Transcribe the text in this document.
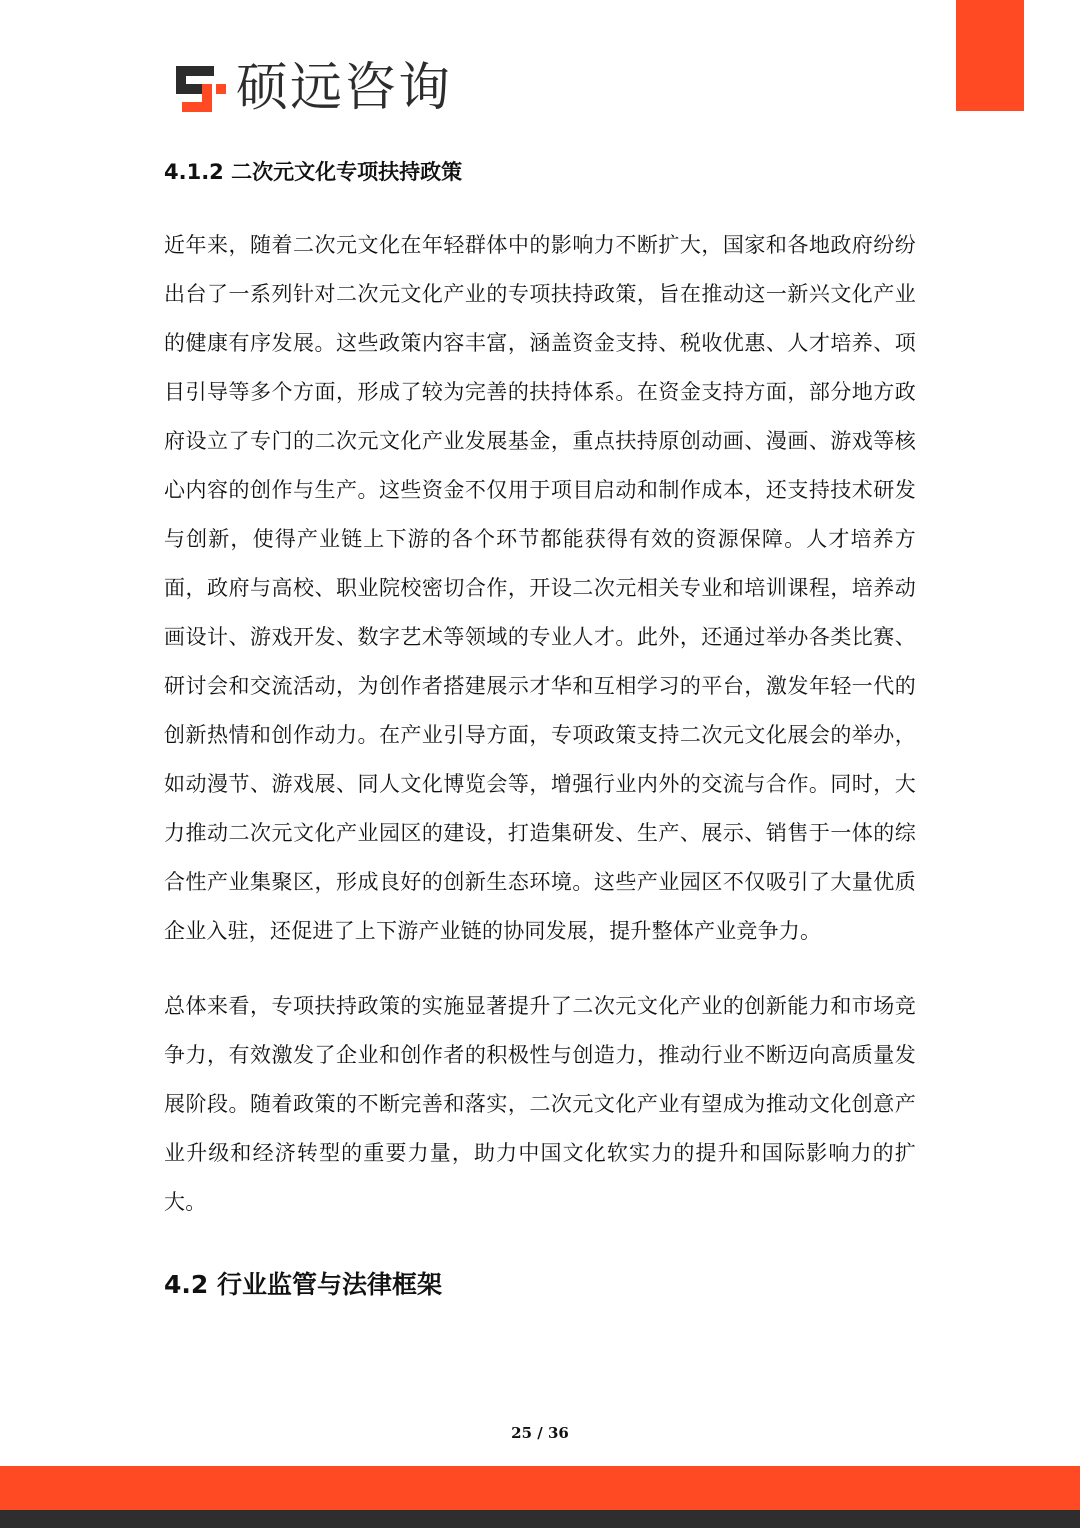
硕远咨询
4.1.2 二次元文化专项扶持政策

近年来，随着二次元文化在年轻群体中的影响力不断扩大，国家和各地政府纷纷出台了一系列针对二次元文化产业的专项扶持政策，旨在推动这一新兴文化产业的健康有序发展。这些政策内容丰富，涵盖资金支持、税收优惠、人才培养、项目引导等多个方面，形成了较为完善的扶持体系。在资金支持方面，部分地方政府设立了专门的二次元文化产业发展基金，重点扶持原创动画、漫画、游戏等核心内容的创作与生产。这些资金不仅用于项目启动和制作成本，还支持技术研发与创新，使得产业链上下游的各个环节都能获得有效的资源保障。人才培养方面，政府与高校、职业院校密切合作，开设二次元相关专业和培训课程，培养动画设计、游戏开发、数字艺术等领域的专业人才。此外，还通过举办各类比赛、研讨会和交流活动，为创作者搭建展示才华和互相学习的平台，激发年轻一代的创新热情和创作动力。在产业引导方面，专项政策支持二次元文化展会的举办，如动漫节、游戏展、同人文化博览会等，增强行业内外的交流与合作。同时，大力推动二次元文化产业园区的建设，打造集研发、生产、展示、销售于一体的综合性产业集聚区，形成良好的创新生态环境。这些产业园区不仅吸引了大量优质企业入驻，还促进了上下游产业链的协同发展，提升整体产业竞争力。

总体来看，专项扶持政策的实施显著提升了二次元文化产业的创新能力和市场竞争力，有效激发了企业和创作者的积极性与创造力，推动行业不断迈向高质量发展阶段。随着政策的不断完善和落实，二次元文化产业有望成为推动文化创意产业升级和经济转型的重要力量，助力中国文化软实力的提升和国际影响力的扩大。

4.2 行业监管与法律框架
25 / 36
